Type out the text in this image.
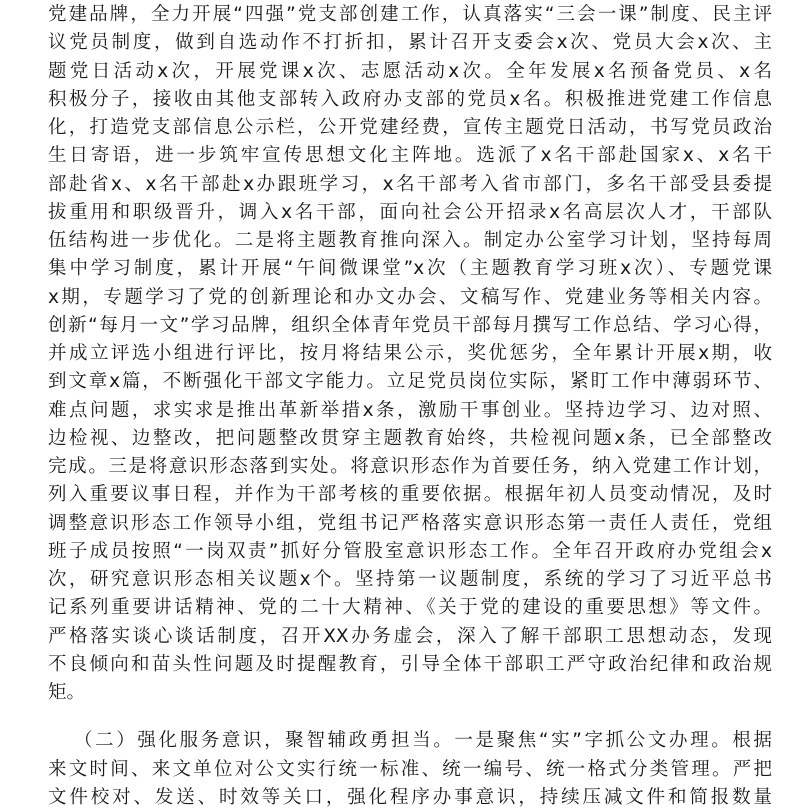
党建品牌，全力开展“四强”党支部创建工作，认真落实“三会一课”制度、民主评
议党员制度，做到自选动作不打折扣，累计召开支委会x次、党员大会x次、主
题党日活动x次，开展党课x次、志愿活动x次。全年发展x名预备党员、x名
积极分子，接收由其他支部转入政府办支部的党员x名。积极推进党建工作信息
化，打造党支部信息公示栏，公开党建经费，宣传主题党日活动，书写党员政治
生日寄语，进一步筑牢宣传思想文化主阵地。选派了x名干部赴国家x、x名干
部赴省x、x名干部赴x办跟班学习，x名干部考入省市部门，多名干部受县委提
拔重用和职级晋升，调入x名干部，面向社会公开招录x名高层次人才，干部队
伍结构进一步优化。二是将主题教育推向深入。制定办公室学习计划，坚持每周
集中学习制度，累计开展“午间微课堂”x次（主题教育学习班x次）、专题党课
x期，专题学习了党的创新理论和办文办会、文稿写作、党建业务等相关内容。
创新“每月一文”学习品牌，组织全体青年党员干部每月撰写工作总结、学习心得，
并成立评选小组进行评比，按月将结果公示，奖优惩劣，全年累计开展x期，收
到文章x篇，不断强化干部文字能力。立足党员岗位实际，紧盯工作中薄弱环节、
难点问题，求实求是推出革新举措x条，激励干事创业。坚持边学习、边对照、
边检视、边整改，把问题整改贯穿主题教育始终，共检视问题x条，已全部整改
完成。三是将意识形态落到实处。将意识形态作为首要任务，纳入党建工作计划，
列入重要议事日程，并作为干部考核的重要依据。根据年初人员变动情况，及时
调整意识形态工作领导小组，党组书记严格落实意识形态第一责任人责任，党组
班子成员按照“一岗双责”抓好分管股室意识形态工作。全年召开政府办党组会x
次，研究意识形态相关议题x个。坚持第一议题制度，系统的学习了习近平总书
记系列重要讲话精神、党的二十大精神、《关于党的建设的重要思想》等文件。
严格落实谈心谈话制度，召开XX办务虚会，深入了解干部职工思想动态，发现
不良倾向和苗头性问题及时提醒教育，引导全体干部职工严守政治纪律和政治规
矩。
（二）强化服务意识，聚智辅政勇担当。一是聚焦“实”字抓公文办理。根据
来文时间、来文单位对公文实行统一标准、统一编号、统一格式分类管理。严把
文件校对、发送、时效等关口，强化程序办事意识，持续压减文件和简报数量
